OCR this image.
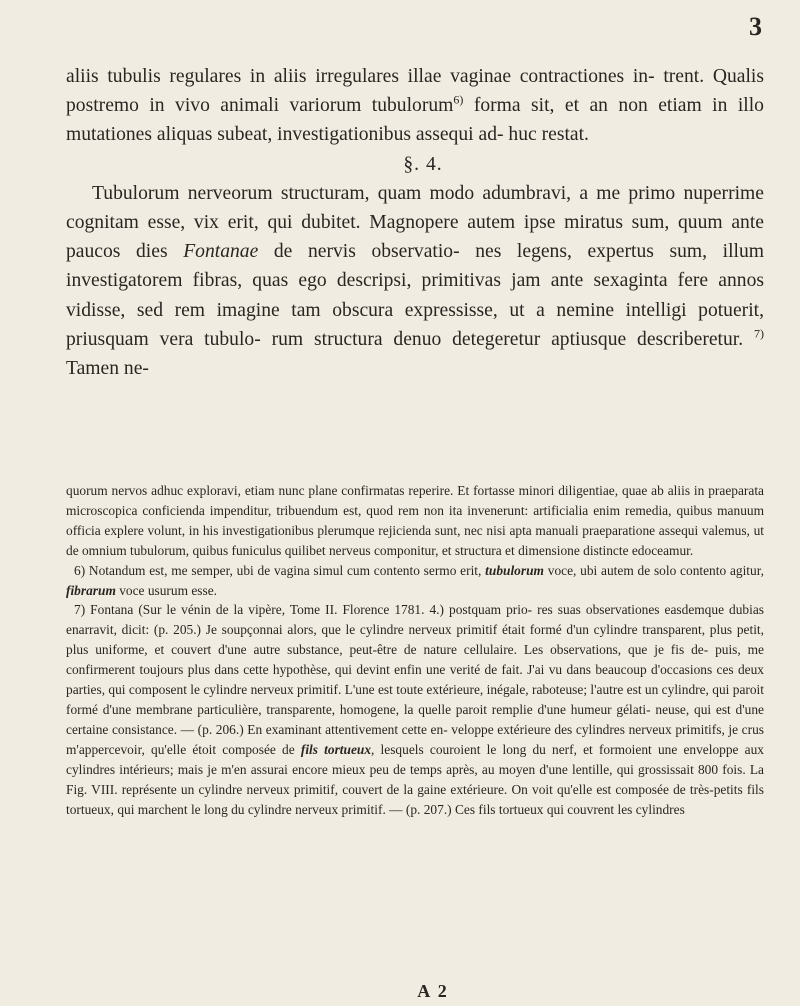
3

aliis tubulis regulares in aliis irregulares illae vaginae contractiones in- trent. Qualis postremo in vivo animali variorum tubulorum$^{6)}$ forma sit, et an non etiam in illo mutationes aliquas subeat, investigationibus assequi ad- huc restat.

§. 4.

Tubulorum nerveorum structuram, quam modo adumbravi, a me primo nuperrime cognitam esse, vix erit, qui dubitet. Magnopere autem ipse miratus sum, quum ante paucos dies Fontanae de nervis observatio- nes legens, expertus sum, illum investigatorem fibras, quas ego descripsi, primitivas jam ante sexaginta fere annos vidisse, sed rem imagine tam obscura expressisse, ut a nemine intelligi potuerit, priusquam vera tubulo- rum structura denuo detegeretur aptiusque describeretur. $^{7)}$ Tamen ne-

quorum nervos adhuc exploravi, etiam nunc plane confirmatas reperire. Et fortasse minori diligentiae, quae ab aliis in praeparata microscopica conficienda impenditur, tribuendum est, quod rem non ita invenerunt: artificialia enim remedia, quibus manuum officia explere volunt, in his investigationibus plerumque rejicienda sunt, nec nisi apta manuali praeparatione assequi valemus, ut de omnium tubulorum, quibus funiculus quilibet nerveus componitur, et structura et dimensione distincte edoceamur.

6) Notandum est, me semper, ubi de vagina simul cum contento sermo erit, tubulorum voce, ubi autem de solo contento agitur, fibrarum voce usurum esse.

7) Fontana (Sur le vénin de la vipère, Tome II. Florence 1781. 4.) postquam prio- res suas observationes easdemque dubias enarravit, dicit: (p. 205.) Je soupçonnai alors, que le cylindre nerveux primitif était formé d'un cylindre transparent, plus petit, plus uniforme, et couvert d'une autre substance, peut-être de nature cellulaire. Les observations, que je fis de- puis, me confirmerent toujours plus dans cette hypothèse, qui devint enfin une verité de fait. J'ai vu dans beaucoup d'occasions ces deux parties, qui composent le cylindre nerveux primitif. L'une est toute extérieure, inégale, raboteuse; l'autre est un cylindre, qui paroit formé d'une membrane particulière, transparente, homogene, la quelle paroit remplie d'une humeur gélati- neuse, qui est d'une certaine consistance. — (p. 206.) En examinant attentivement cette en- veloppe extérieure des cylindres nerveux primitifs, je crus m'appercevoir, qu'elle étoit composée de fils tortueux, lesquels couroient le long du nerf, et formoient une enveloppe aux cylindres intérieurs; mais je m'en assurai encore mieux peu de temps après, au moyen d'une lentille, qui grossissait 800 fois. La Fig. VIII. représente un cylindre nerveux primitif, couvert de la gaine extérieure. On voit qu'elle est composée de très-petits fils tortueux, qui marchent le long du cylindre nerveux primitif. — (p. 207.) Ces fils tortueux qui couvrent les cylindres

A 2
